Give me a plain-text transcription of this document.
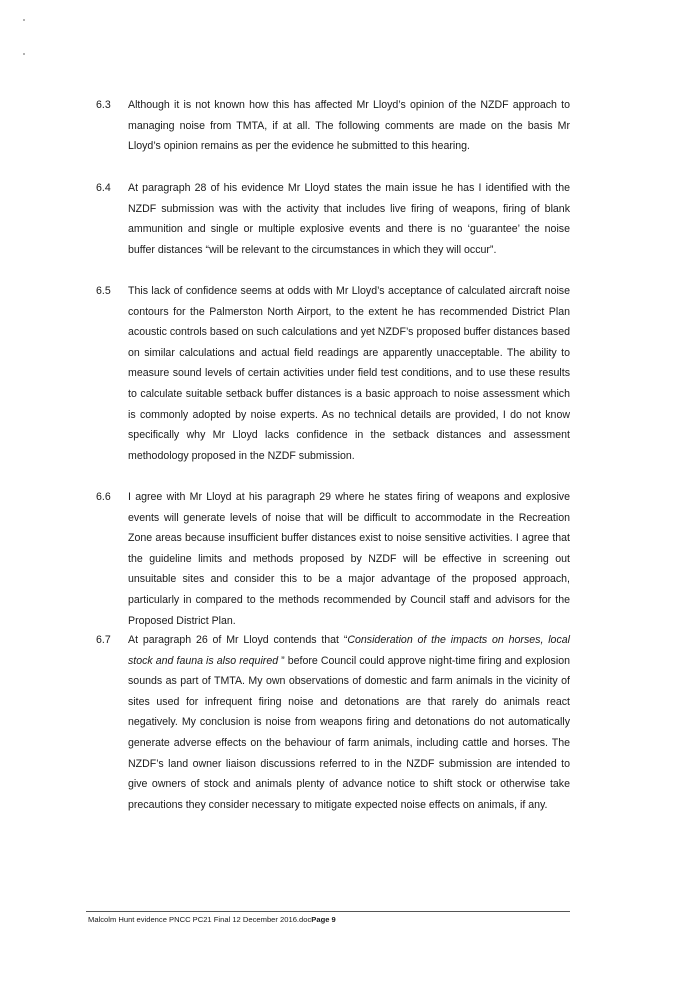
6.3	Although it is not known how this has affected Mr Lloyd’s opinion of the NZDF approach to managing noise from TMTA, if at all. The following comments are made on the basis Mr Lloyd’s opinion remains as per the evidence he submitted to this hearing.
6.4	At paragraph 28 of his evidence Mr Lloyd states the main issue he has I identified with the NZDF submission was with the activity that includes live firing of weapons, firing of blank ammunition and single or multiple explosive events and there is no ‘guarantee’ the noise buffer distances “will be relevant to the circumstances in which they will occur”.
6.5	This lack of confidence seems at odds with Mr Lloyd’s acceptance of calculated aircraft noise contours for the Palmerston North Airport, to the extent he has recommended District Plan acoustic controls based on such calculations and yet NZDF’s proposed buffer distances based on similar calculations and actual field readings are apparently unacceptable. The ability to measure sound levels of certain activities under field test conditions, and to use these results to calculate suitable setback buffer distances is a basic approach to noise assessment which is commonly adopted by noise experts. As no technical details are provided, I do not know specifically why Mr Lloyd lacks confidence in the setback distances and assessment methodology proposed in the NZDF submission.
6.6	I agree with Mr Lloyd at his paragraph 29 where he states firing of weapons and explosive events will generate levels of noise that will be difficult to accommodate in the Recreation Zone areas because insufficient buffer distances exist to noise sensitive activities. I agree that the guideline limits and methods proposed by NZDF will be effective in screening out unsuitable sites and consider this to be a major advantage of the proposed approach, particularly in compared to the methods recommended by Council staff and advisors for the Proposed District Plan.
6.7	At paragraph 26 of Mr Lloyd contends that “Consideration of the impacts on horses, local stock and fauna is also required ” before Council could approve night-time firing and explosion sounds as part of TMTA. My own observations of domestic and farm animals in the vicinity of sites used for infrequent firing noise and detonations are that rarely do animals react negatively. My conclusion is noise from weapons firing and detonations do not automatically generate adverse effects on the behaviour of farm animals, including cattle and horses. The NZDF’s land owner liaison discussions referred to in the NZDF submission are intended to give owners of stock and animals plenty of advance notice to shift stock or otherwise take precautions they consider necessary to mitigate expected noise effects on animals, if any.
Malcolm Hunt evidence PNCC PC21 Final 12 December 2016.docPage 9
